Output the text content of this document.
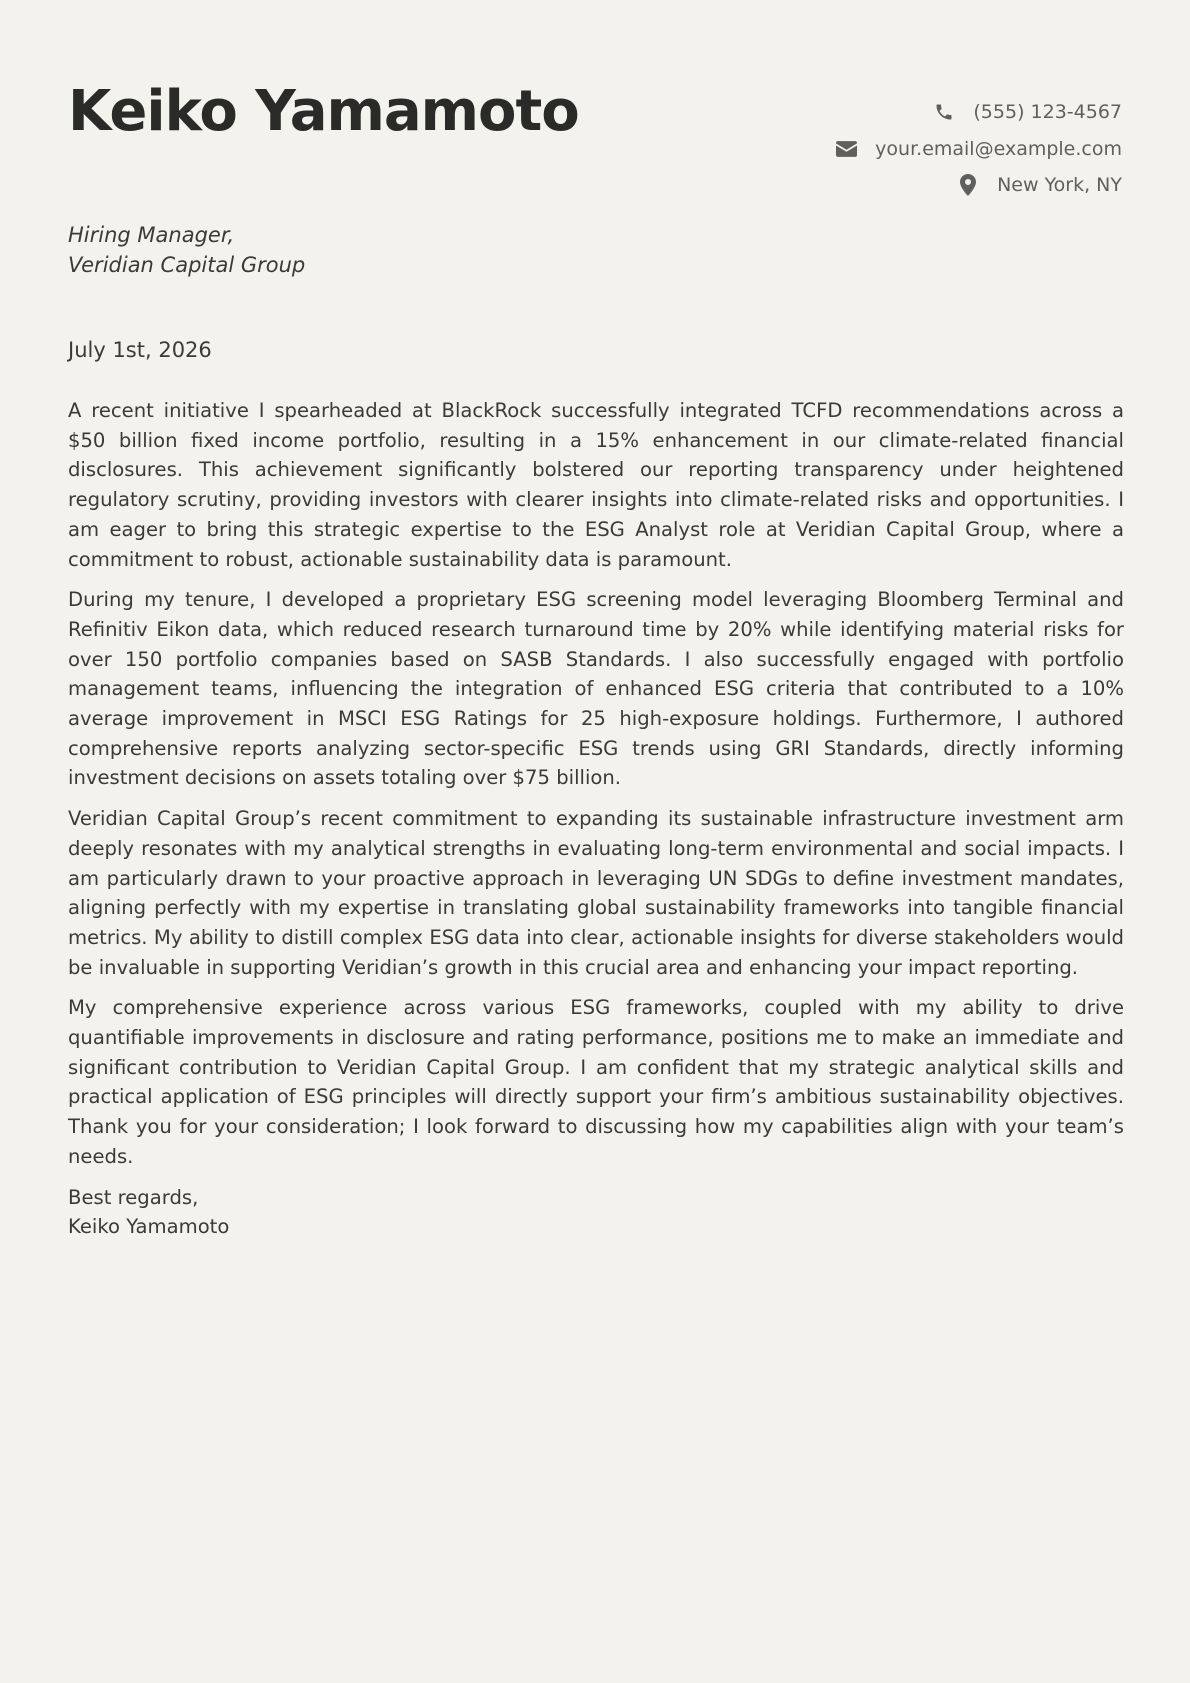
Keiko Yamamoto	(555) 123-4567
your.email@example.com
New York, NY
Hiring Manager,
Veridian Capital Group
July 1st, 2026

A recent initiative I spearheaded at BlackRock successfully integrated TCFD recommendations across a $50 billion fixed income portfolio, resulting in a 15% enhancement in our climate-related financial disclosures. This achievement significantly bolstered our reporting transparency under heightened regulatory scrutiny, providing investors with clearer insights into climate-related risks and opportunities. I am eager to bring this strategic expertise to the ESG Analyst role at Veridian Capital Group, where a commitment to robust, actionable sustainability data is paramount.

During my tenure, I developed a proprietary ESG screening model leveraging Bloomberg Terminal and Refinitiv Eikon data, which reduced research turnaround time by 20% while identifying material risks for over 150 portfolio companies based on SASB Standards. I also successfully engaged with portfolio management teams, influencing the integration of enhanced ESG criteria that contributed to a 10% average improvement in MSCI ESG Ratings for 25 high-exposure holdings. Furthermore, I authored comprehensive reports analyzing sector-specific ESG trends using GRI Standards, directly informing investment decisions on assets totaling over $75 billion.

Veridian Capital Group’s recent commitment to expanding its sustainable infrastructure investment arm deeply resonates with my analytical strengths in evaluating long-term environmental and social impacts. I am particularly drawn to your proactive approach in leveraging UN SDGs to define investment mandates, aligning perfectly with my expertise in translating global sustainability frameworks into tangible financial metrics. My ability to distill complex ESG data into clear, actionable insights for diverse stakeholders would be invaluable in supporting Veridian’s growth in this crucial area and enhancing your impact reporting.

My comprehensive experience across various ESG frameworks, coupled with my ability to drive quantifiable improvements in disclosure and rating performance, positions me to make an immediate and significant contribution to Veridian Capital Group. I am confident that my strategic analytical skills and practical application of ESG principles will directly support your firm’s ambitious sustainability objectives. Thank you for your consideration; I look forward to discussing how my capabilities align with your team’s needs.

Best regards,
Keiko Yamamoto
